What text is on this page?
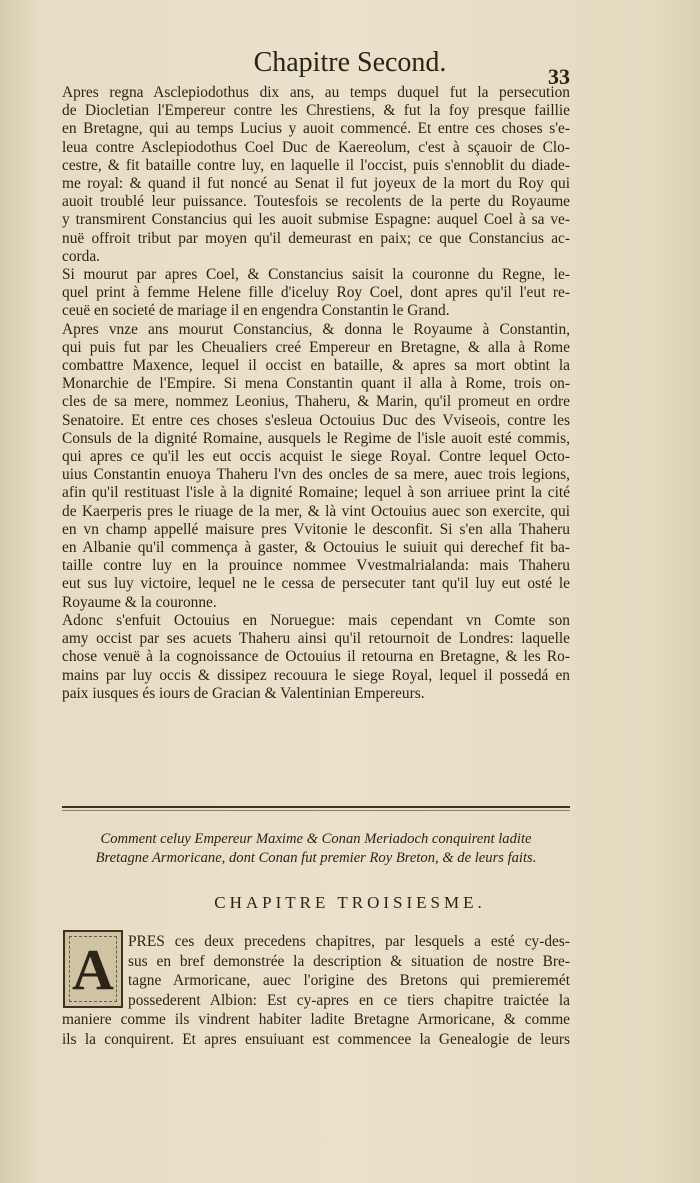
Chapitre Second.	33

Apres regna Asclepiodothus dix ans, au temps duquel fut la persecution
de Diocletian l'Empereur contre les Chrestiens, & fut la foy presque faillie
en Bretagne, qui au temps Lucius y auoit commencé. Et entre ces choses s'e-
leua contre Asclepiodothus Coel Duc de Kaereolum, c'est à sçauoir de Clo-
cestre, & fit bataille contre luy, en laquelle il l'occist, puis s'ennoblit du diade-
me royal: & quand il fut noncé au Senat il fut joyeux de la mort du Roy qui
auoit troublé leur puissance. Toutesfois se recolents de la perte du Royaume
y transmirent Constancius qui les auoit submise Espagne: auquel Coel à sa ve-
nuë offroit tribut par moyen qu'il demeurast en paix; ce que Constancius ac-
corda.

Si mourut par apres Coel, & Constancius saisit la couronne du Regne, le-
quel print à femme Helene fille d'iceluy Roy Coel, dont apres qu'il l'eut re-
ceuë en societé de mariage il en engendra Constantin le Grand.

Apres vnze ans mourut Constancius, & donna le Royaume à Constantin,
qui puis fut par les Cheualiers creé Empereur en Bretagne, & alla à Rome
combattre Maxence, lequel il occist en bataille, & apres sa mort obtint la
Monarchie de l'Empire. Si mena Constantin quant il alla à Rome, trois on-
cles de sa mere, nommez Leonius, Thaheru, & Marin, qu'il promeut en ordre
Senatoire. Et entre ces choses s'esleua Octouius Duc des Vviseois, contre les
Consuls de la dignité Romaine, ausquels le Regime de l'isle auoit esté commis,
qui apres ce qu'il les eut occis acquist le siege Royal. Contre lequel Octo-
uius Constantin enuoya Thaheru l'vn des oncles de sa mere, auec trois legions,
afin qu'il restituast l'isle à la dignité Romaine; lequel à son arriuee print la cité
de Kaerperis pres le riuage de la mer, & là vint Octouius auec son exercite, qui
en vn champ appellé maisure pres Vvitonie le desconfit. Si s'en alla Thaheru
en Albanie qu'il commença à gaster, & Octouius le suiuit qui derechef fit ba-
taille contre luy en la prouince nommee Vvestmalrialanda: mais Thaheru
eut sus luy victoire, lequel ne le cessa de persecuter tant qu'il luy eut osté le
Royaume & la couronne.

Adonc s'enfuit Octouius en Noruegue: mais cependant vn Comte son
amy occist par ses acuets Thaheru ainsi qu'il retournoit de Londres: laquelle
chose venuë à la cognoissance de Octouius il retourna en Bretagne, & les Ro-
mains par luy occis & dissipez recouura le siege Royal, lequel il possedá en
paix iusques és iours de Gracian & Valentinian Empereurs.

Comment celuy Empereur Maxime & Conan Meriadoch conquirent ladite
Bretagne Armoricane, dont Conan fut premier Roy Breton, & de leurs faits.
CHAPITRE TROISIESME.
A PRES ces deux precedens chapitres, par lesquels a esté cy-des-
sus en bref demonstrée la description & situation de nostre Bre-
tagne Armoricane, auec l'origine des Bretons qui premieremét
possederent Albion: Est cy-apres en ce tiers chapitre traictée la
maniere comme ils vindrent habiter ladite Bretagne Armoricane, & comme
ils la conquirent. Et apres ensuiuant est commencee la Genealogie de leurs
